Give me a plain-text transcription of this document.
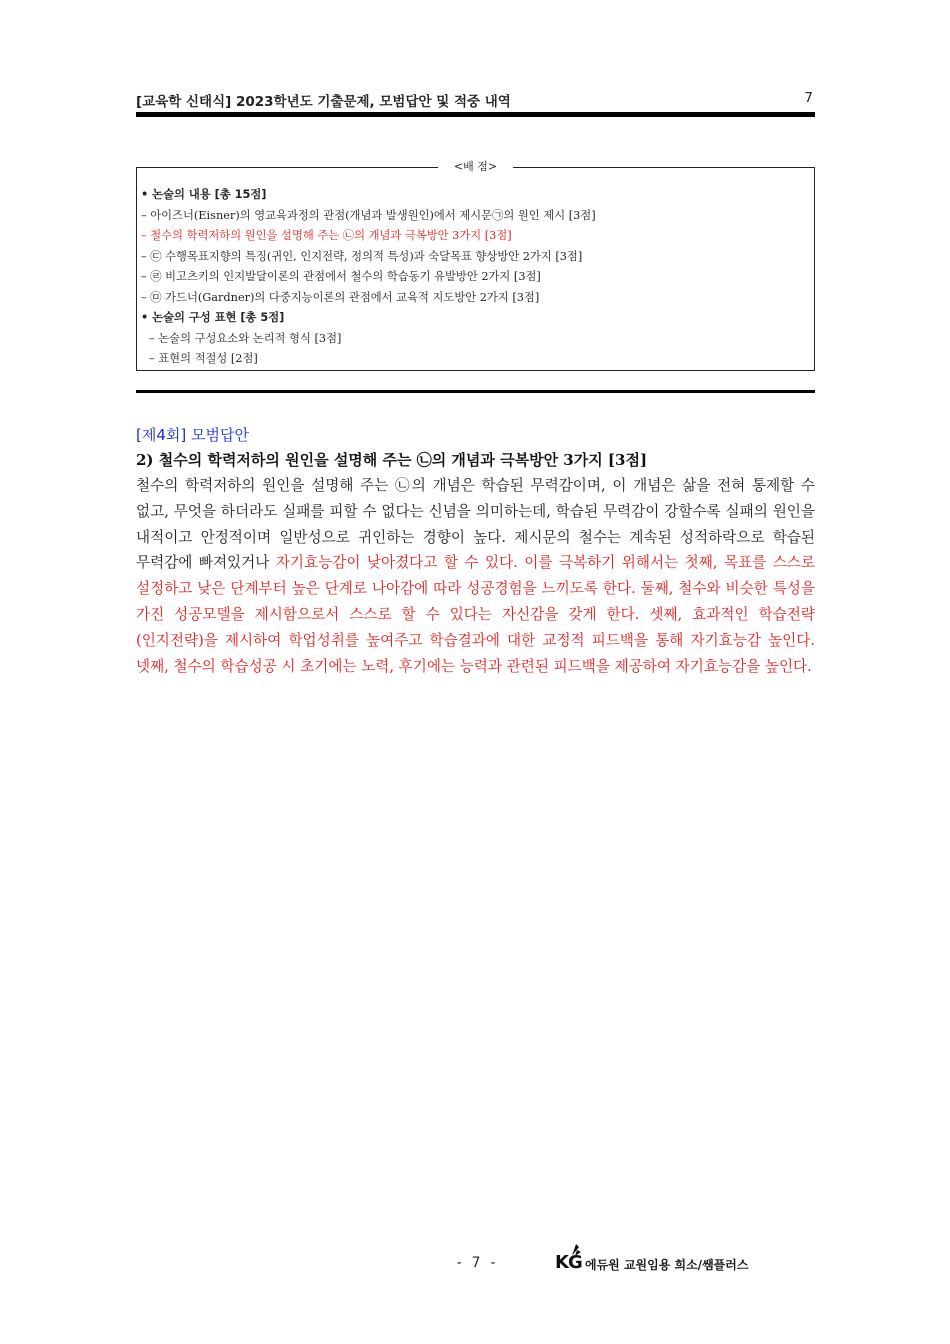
[교육학 신태식] 2023학년도 기출문제, 모범답안 및 적중 내역	7
<배 점>
• 논술의 내용 [총 15점]
– 아이즈너(Eisner)의 영교육과정의 관점(개념과 발생원인)에서 제시문㉠의 원인 제시 [3점]
– 철수의 학력저하의 원인을 설명해 주는 ㉡의 개념과 극복방안 3가지 [3점]
– ㉢ 수행목표지향의 특징(귀인, 인지전략, 정의적 특성)과 숙달목표 향상방안 2가지 [3점]
– ㉣ 비고츠키의 인지발달이론의 관점에서 철수의 학습동기 유발방안 2가지 [3점]
– ㉤ 가드너(Gardner)의 다중지능이론의 관점에서 교육적 지도방안 2가지 [3점]
• 논술의 구성 표현 [총 5점]
– 논술의 구성요소와 논리적 형식 [3점]
– 표현의 적절성 [2점]
[제4회] 모범답안
2) 철수의 학력저하의 원인을 설명해 주는 ㉡의 개념과 극복방안 3가지 [3점]
철수의 학력저하의 원인을 설명해 주는 ㉡의 개념은 학습된 무력감이며, 이 개념은 삶을 전혀 통제할 수 없고, 무엇을 하더라도 실패를 피할 수 없다는 신념을 의미하는데, 학습된 무력감이 강할수록 실패의 원인을 내적이고 안정적이며 일반성으로 귀인하는 경향이 높다. 제시문의 철수는 계속된 성적하락으로 학습된 무력감에 빠져있거나 자기효능감이 낮아졌다고 할 수 있다. 이를 극복하기 위해서는 첫째, 목표를 스스로 설정하고 낮은 단계부터 높은 단계로 나아감에 따라 성공경험을 느끼도록 한다. 둘째, 철수와 비슷한 특성을 가진 성공모델을 제시함으로서 스스로 할 수 있다는 자신감을 갖게 한다. 셋째, 효과적인 학습전략(인지전략)을 제시하여 학업성취를 높여주고 학습결과에 대한 교정적 피드백을 통해 자기효능감 높인다. 넷째, 철수의 학습성공 시 초기에는 노력, 후기에는 능력과 관련된 피드백을 제공하여 자기효능감을 높인다.
- 7 -	KG 에듀원 교원임용 희소/쌤플러스
